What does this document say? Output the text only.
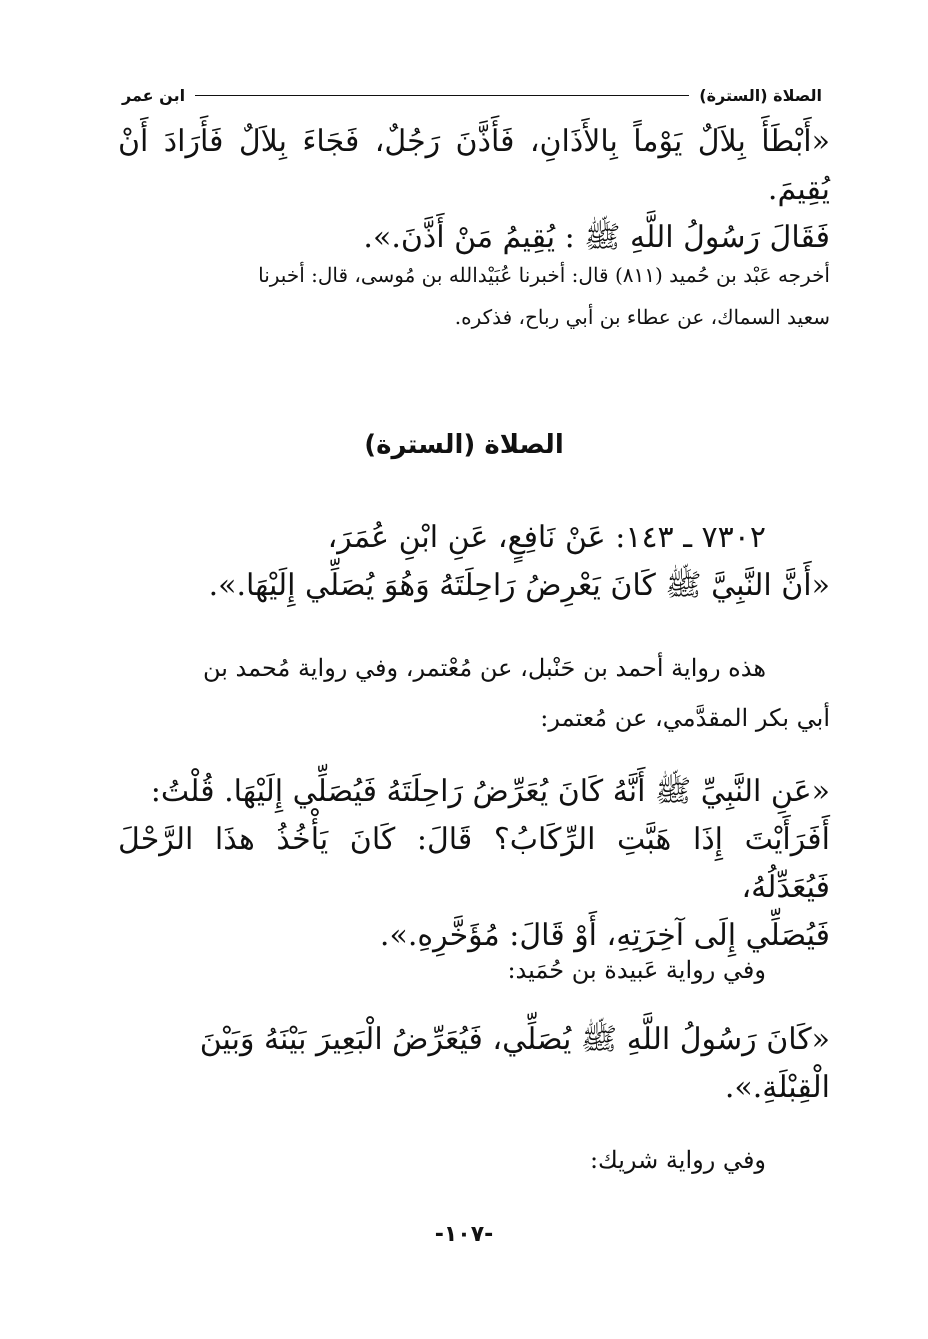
الصلاة (السترة)
ابن عمر
«أَبْطَأَ بِلاَلٌ يَوْماً بِالأَذَانِ، فَأَذَّنَ رَجُلٌ، فَجَاءَ بِلاَلٌ فَأَرَادَ أَنْ يُقِيمَ.
فَقَالَ رَسُولُ اللَّهِ ﷺ : يُقِيمُ مَنْ أَذَّنَ.».
أخرجه عَبْد بن حُميد (٨١١) قال: أخبرنا عُبَيْدالله بن مُوسى، قال: أخبرنا
سعيد السماك، عن عطاء بن أبي رباح، فذكره.
الصلاة (السترة)
٧٣٠٢ ـ ١٤٣: عَنْ نَافِعٍ، عَنِ ابْنِ عُمَرَ،
«أَنَّ النَّبِيَّ ﷺ كَانَ يَعْرِضُ رَاحِلَتَهُ وَهُوَ يُصَلِّي إِلَيْهَا.».
هذه رواية أحمد بن حَنْبل، عن مُعْتمر، وفي رواية مُحمد بن
أبي بكر المقدَّمي، عن مُعتمر:
«عَنِ النَّبِيِّ ﷺ أَنَّهُ كَانَ يُعَرِّضُ رَاحِلَتَهُ فَيُصَلِّي إِلَيْهَا. قُلْتُ:
أَفَرَأَيْتَ إِذَا هَبَّتِ الرِّكَابُ؟ قَالَ: كَانَ يَأْخُذُ هذَا الرَّحْلَ فَيُعَدِّلُهُ،
فَيُصَلِّي إِلَى آخِرَتِهِ، أَوْ قَالَ: مُؤَخَّرِهِ.».
وفي رواية عَبيدة بن حُمَيد:
«كَانَ رَسُولُ اللَّهِ ﷺ يُصَلِّي، فَيُعَرِّضُ الْبَعِيرَ بَيْنَهُ وَبَيْنَ
الْقِبْلَةِ.».
وفي رواية شريك:
-١٠٧-
